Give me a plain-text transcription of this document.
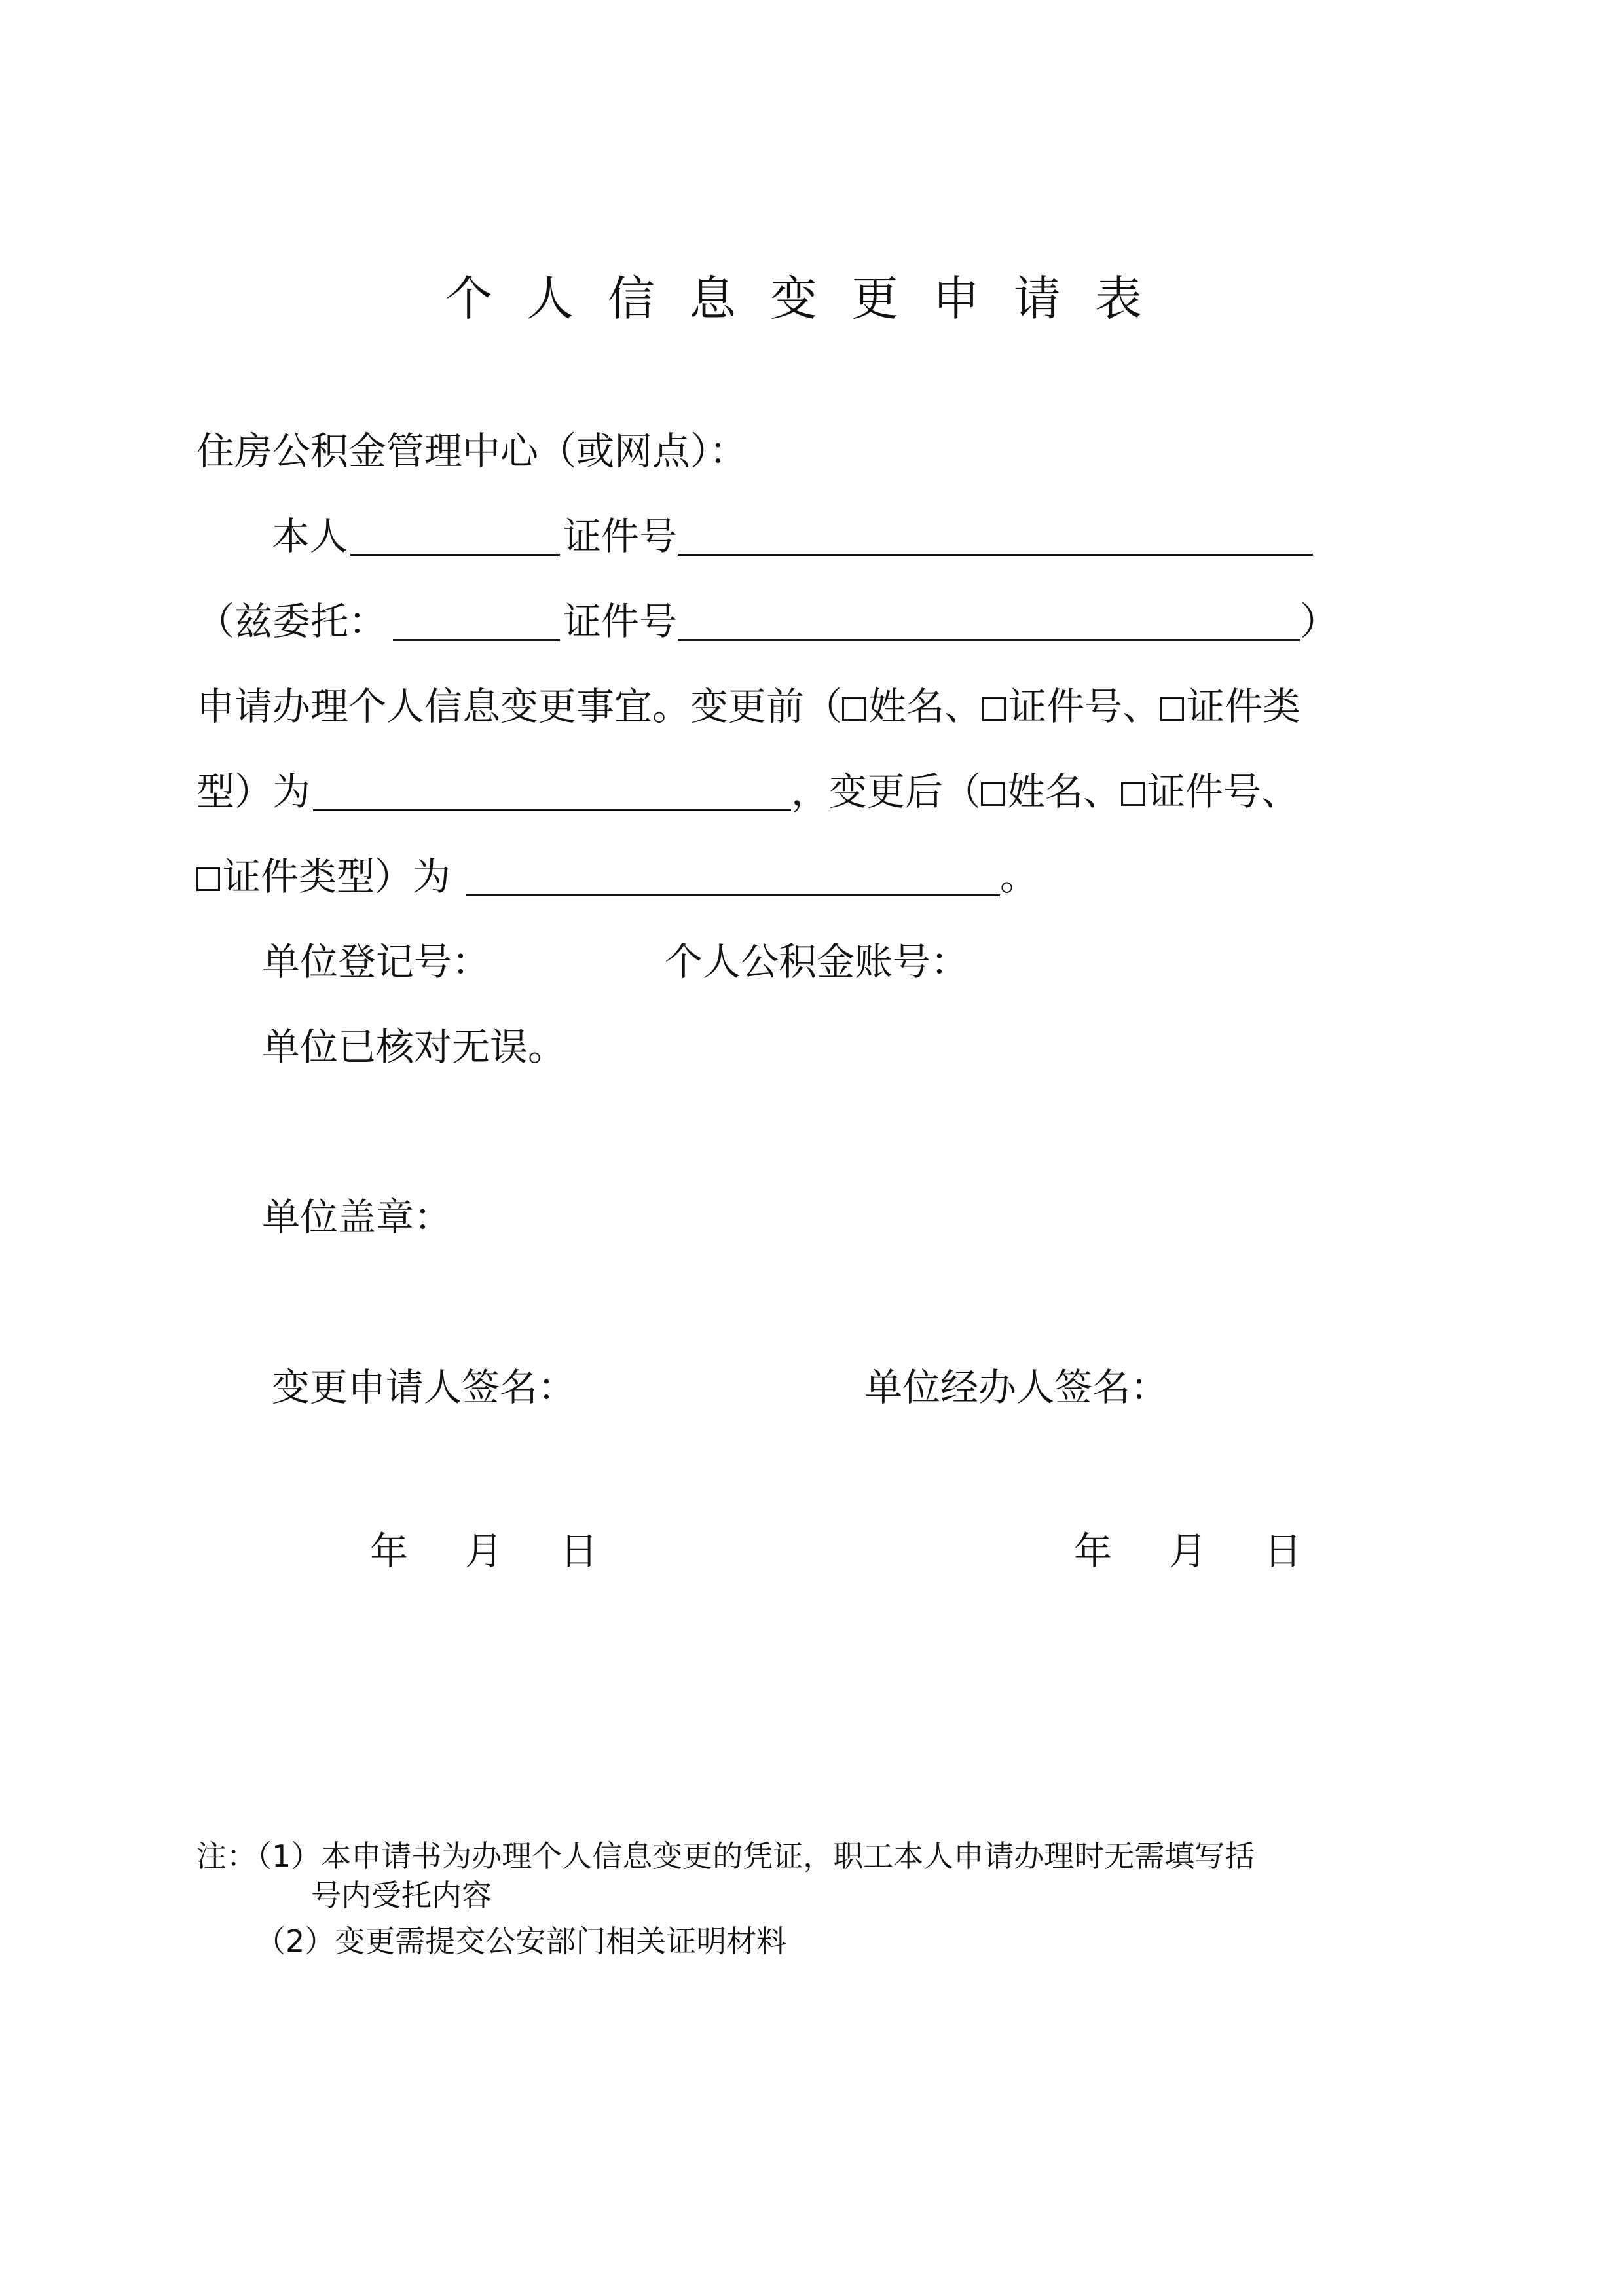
个 人 信 息 变 更 申 请 表
住房公积金管理中心（或网点）：
本人	证件号
（兹委托：	证件号	）
申请办理个人信息变更事宜。变更前（ 姓名、 证件号、 证件类
型）为	，变更后（ 姓名、 证件号、
证件类型）为	。
单位登记号：	个人公积金账号：
单位已核对无误。
单位盖章：
变更申请人签名：	单位经办人签名：
年 月 日	年 月 日
注：（1）本申请书为办理个人信息变更的凭证，职工本人申请办理时无需填写括
号内受托内容
（2）变更需提交公安部门相关证明材料
